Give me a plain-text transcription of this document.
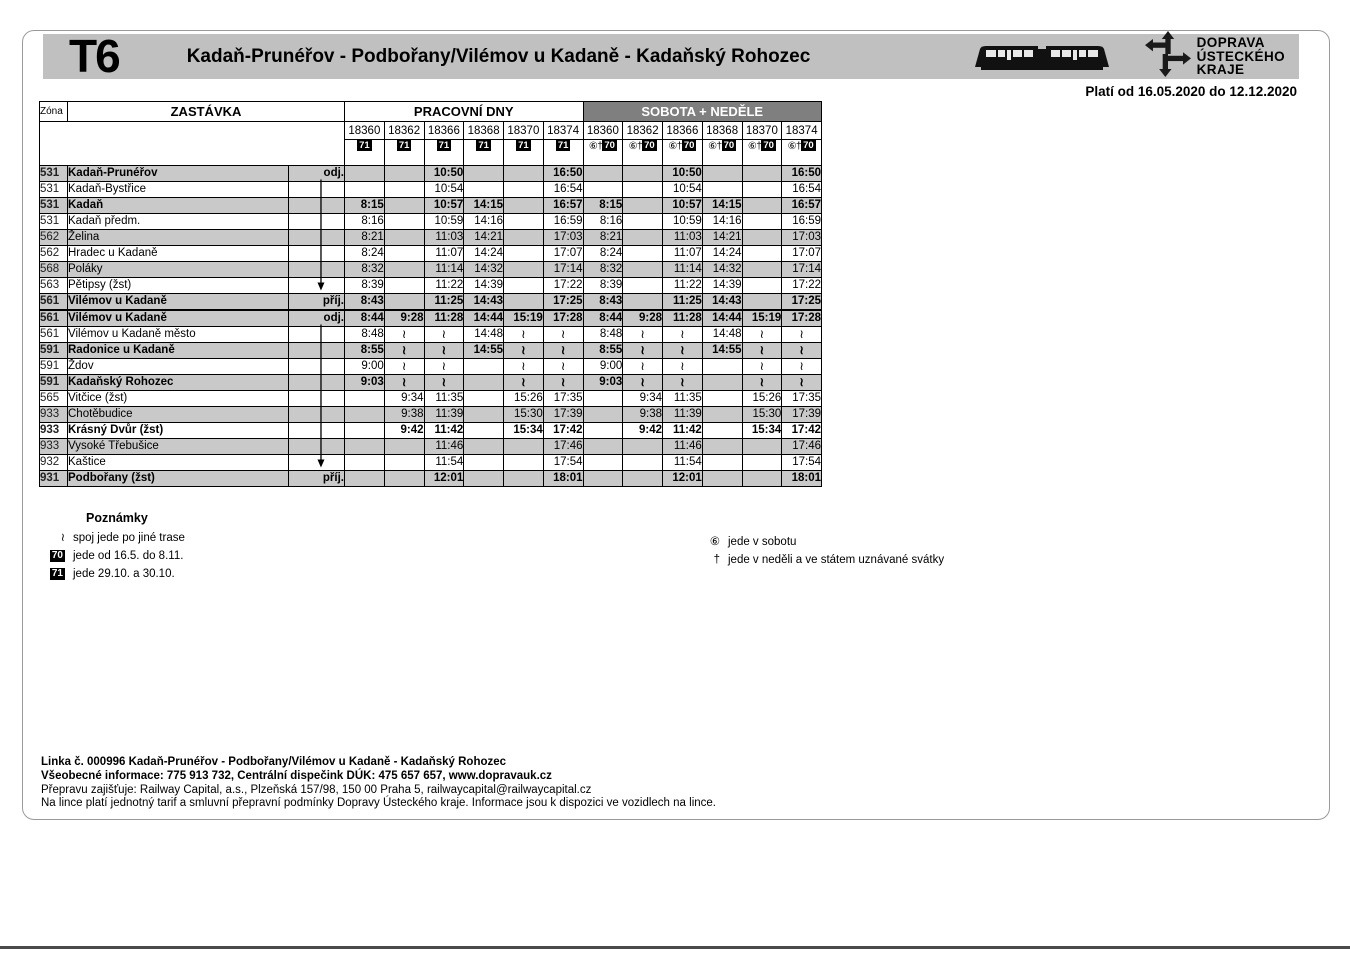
T6	Kadaň-Prunéřov - Podbořany/Vilémov u Kadaně - Kadaňský Rohozec
DOPRAVA
ÚSTECKÉHO
KRAJE
Platí od 16.05.2020 do 12.12.2020
Zóna	ZASTÁVKA		PRACOVNÍ DNY						SOBOTA + NEDĚLE					
			18360	18362	18366	18368	18370	18374	18360	18362	18366	18368	18370	18374
			71	71	71	71	71	71	⑥† 70	⑥† 70	⑥† 70	⑥† 70	⑥† 70	⑥† 70
531	Kadaň-Prunéřov	odj.			10:50			16:50			10:50			16:50
531	Kadaň-Bystřice				10:54			16:54			10:54			16:54
531	Kadaň		8:15		10:57	14:15		16:57	8:15		10:57	14:15		16:57
531	Kadaň předm.		8:16		10:59	14:16		16:59	8:16		10:59	14:16		16:59
562	Želina		8:21		11:03	14:21		17:03	8:21		11:03	14:21		17:03
562	Hradec u Kadaně		8:24		11:07	14:24		17:07	8:24		11:07	14:24		17:07
568	Poláky		8:32		11:14	14:32		17:14	8:32		11:14	14:32		17:14
563	Pětipsy (žst)		8:39		11:22	14:39		17:22	8:39		11:22	14:39		17:22
561	Vilémov u Kadaně	příj.	8:43		11:25	14:43		17:25	8:43		11:25	14:43		17:25
561	Vilémov u Kadaně	odj.	8:44	9:28	11:28	14:44	15:19	17:28	8:44	9:28	11:28	14:44	15:19	17:28
561	Vilémov u Kadaně město		8:48	≀	≀	14:48	≀	≀	8:48	≀	≀	14:48	≀	≀
591	Radonice u Kadaně		8:55	≀	≀	14:55	≀	≀	8:55	≀	≀	14:55	≀	≀
591	Ždov		9:00	≀	≀		≀	≀	9:00	≀	≀		≀	≀
591	Kadaňský Rohozec		9:03	≀	≀		≀	≀	9:03	≀	≀		≀	≀
565	Vitčice (žst)			9:34	11:35		15:26	17:35		9:34	11:35		15:26	17:35
933	Chotěbudice			9:38	11:39		15:30	17:39		9:38	11:39		15:30	17:39
933	Krásný Dvůr (žst)			9:42	11:42		15:34	17:42		9:42	11:42		15:34	17:42
933	Vysoké Třebušice				11:46			17:46			11:46			17:46
932	Kaštice				11:54			17:54			11:54			17:54
931	Podbořany (žst)	příj.			12:01			18:01			12:01			18:01
Poznámky
≀ spoj jede po jiné trase
70 jede od 16.5. do 8.11.
71 jede 29.10. a 30.10.
⑥ jede v sobotu
† jede v neděli a ve státem uznávané svátky
Linka č. 000996 Kadaň-Prunéřov - Podbořany/Vilémov u Kadaně - Kadaňský Rohozec
Všeobecné informace: 775 913 732, Centrální dispečink DÚK: 475 657 657, www.dopravauk.cz
Přepravu zajišťuje: Railway Capital, a.s., Plzeňská 157/98, 150 00 Praha 5, railwaycapital@railwaycapital.cz
Na lince platí jednotný tarif a smluvní přepravní podmínky Dopravy Ústeckého kraje. Informace jsou k dispozici ve vozidlech na lince.
